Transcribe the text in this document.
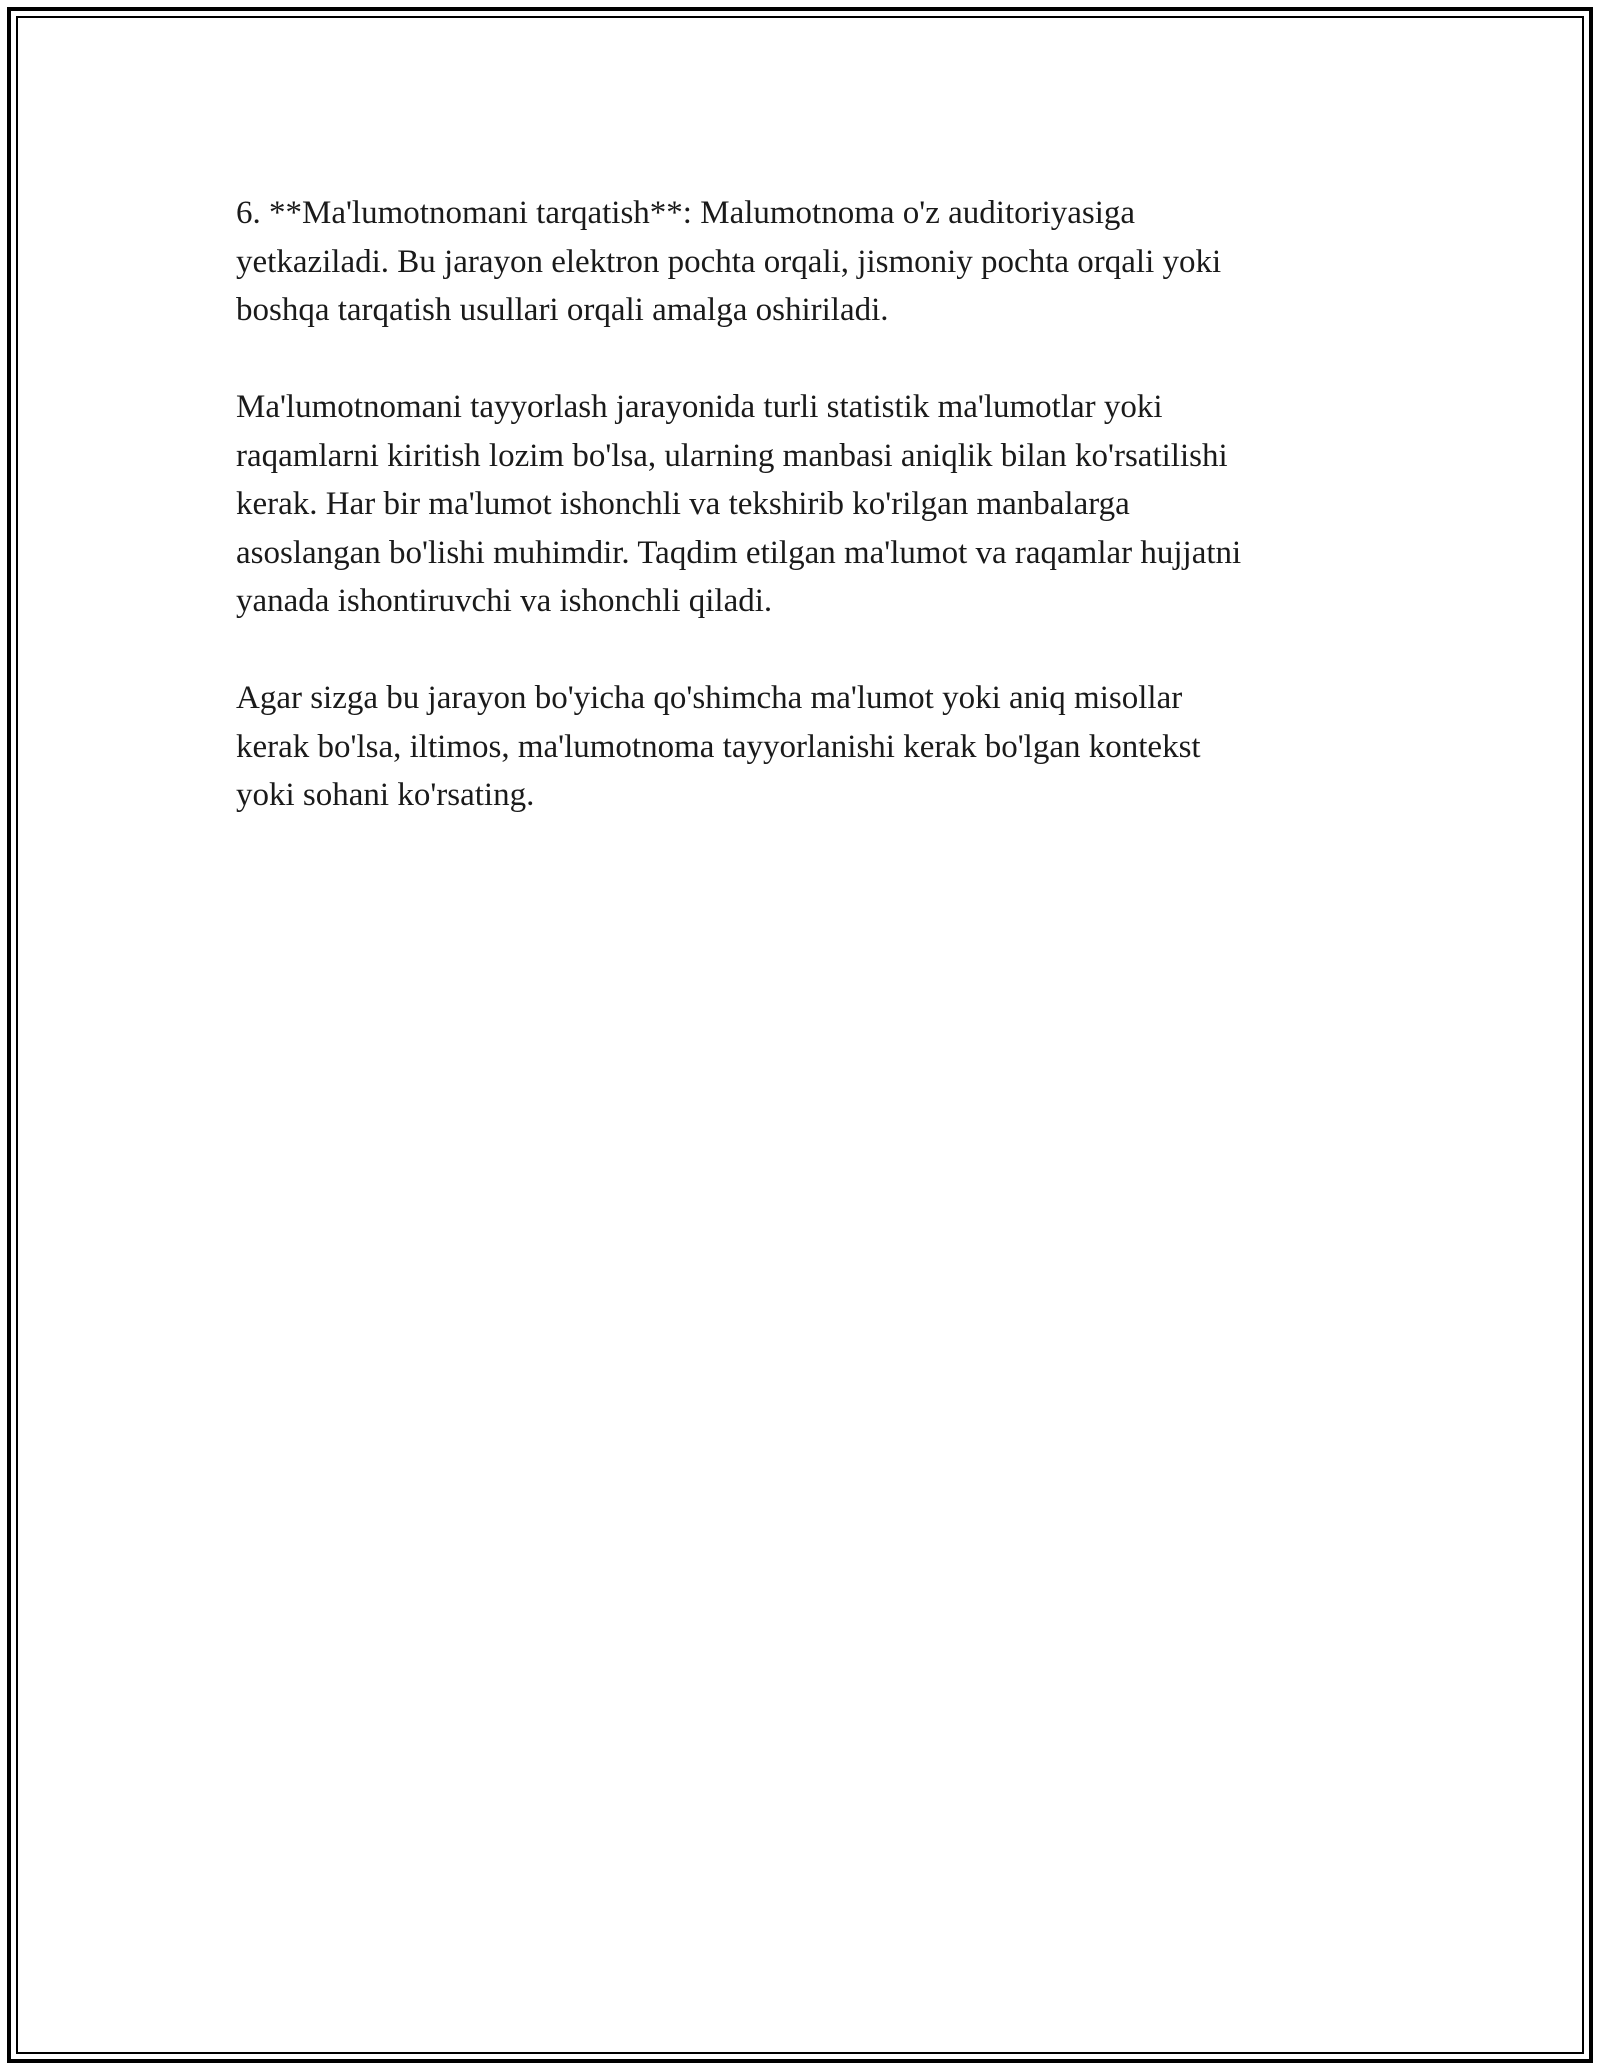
6. **Ma'lumotnomani tarqatish**: Malumotnoma o'z auditoriyasiga
yetkaziladi. Bu jarayon elektron pochta orqali, jismoniy pochta orqali yoki
boshqa tarqatish usullari orqali amalga oshiriladi.

Ma'lumotnomani tayyorlash jarayonida turli statistik ma'lumotlar yoki
raqamlarni kiritish lozim bo'lsa, ularning manbasi aniqlik bilan ko'rsatilishi
kerak. Har bir ma'lumot ishonchli va tekshirib ko'rilgan manbalarga
asoslangan bo'lishi muhimdir. Taqdim etilgan ma'lumot va raqamlar hujjatni
yanada ishontiruvchi va ishonchli qiladi.

Agar sizga bu jarayon bo'yicha qo'shimcha ma'lumot yoki aniq misollar
kerak bo'lsa, iltimos, ma'lumotnoma tayyorlanishi kerak bo'lgan kontekst
yoki sohani ko'rsating.
